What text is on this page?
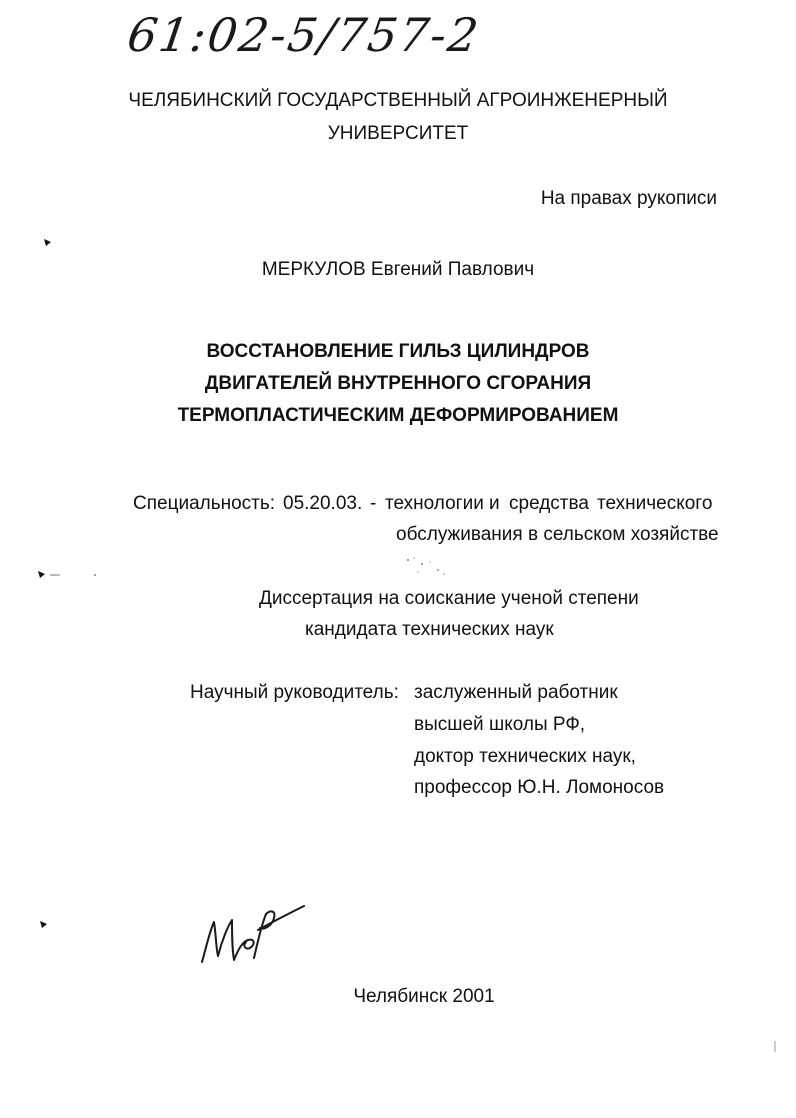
61:02-5/757-2
ЧЕЛЯБИНСКИЙ ГОСУДАРСТВЕННЫЙ АГРОИНЖЕНЕРНЫЙ
УНИВЕРСИТЕТ
На правах рукописи
МЕРКУЛОВ Евгений Павлович
ВОССТАНОВЛЕНИЕ ГИЛЬЗ ЦИЛИНДРОВ
ДВИГАТЕЛЕЙ ВНУТРЕННОГО СГОРАНИЯ
ТЕРМОПЛАСТИЧЕСКИМ ДЕФОРМИРОВАНИЕМ
Специальность: 05.20.03. - технологии и средства технического
обслуживания в сельском хозяйстве
Диссертация на соискание ученой степени
кандидата технических наук
Научный руководитель: заслуженный работник
высшей школы РФ,
доктор технических наук,
профессор Ю.Н. Ломоносов
Челябинск 2001
